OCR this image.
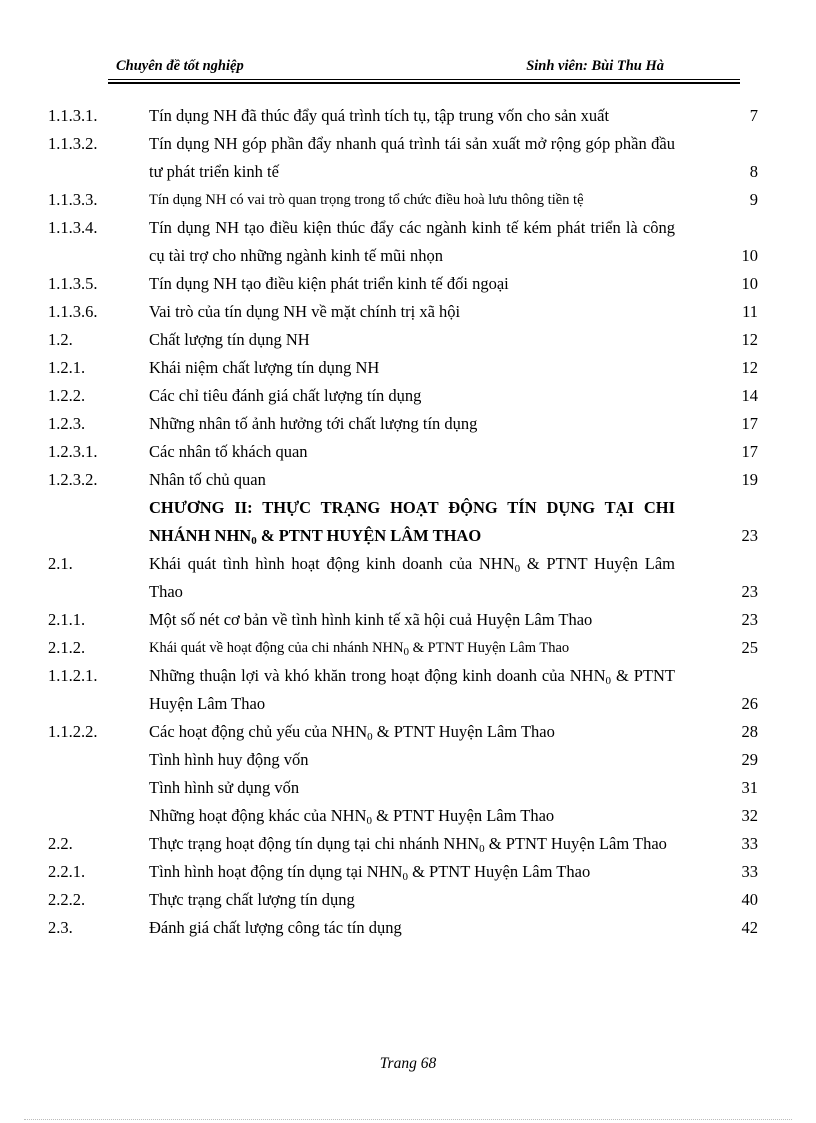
Chuyên đề tốt nghiệp	Sinh viên: Bùi Thu Hà
1.1.3.1.	Tín dụng NH đã thúc đẩy quá trình tích tụ, tập trung vốn cho sản xuất	7
1.1.3.2.	Tín dụng NH góp phần đẩy nhanh quá trình tái sản xuất mở rộng góp phần đầu tư phát triển kinh tế	8
1.1.3.3.	Tín dụng NH có vai trò quan trọng trong tổ chức điều hoà lưu thông tiền tệ	9
1.1.3.4.	Tín dụng NH tạo điều kiện thúc đẩy các ngành kinh tế kém phát triển là công cụ tài trợ cho những ngành kinh tế mũi nhọn	10
1.1.3.5.	Tín dụng NH tạo điều kiện phát triển kinh tế đối ngoại	10
1.1.3.6.	Vai trò của tín dụng NH về mặt chính trị xã hội	11
1.2.	Chất lượng tín dụng NH	12
1.2.1.	Khái niệm chất lượng tín dụng NH	12
1.2.2.	Các chỉ tiêu đánh giá chất lượng tín dụng	14
1.2.3.	Những nhân tố ảnh hưởng tới chất lượng tín dụng	17
1.2.3.1.	Các nhân tố khách quan	17
1.2.3.2.	Nhân tố chủ quan	19
CHƯƠNG II: THỰC TRẠNG HOẠT ĐỘNG TÍN DỤNG TẠI CHI NHÁNH $NHN_0$ & PTNT HUYỆN LÂM THAO	23
2.1.	Khái quát tình hình hoạt động kinh doanh của $NHN_0$ & PTNT Huyện Lâm Thao	23
2.1.1.	Một số nét cơ bản về tình hình kinh tế xã hội cuả Huyện Lâm Thao	23
2.1.2.	Khái quát về hoạt động của chi nhánh $NHN_0$ & PTNT Huyện Lâm Thao	25
1.1.2.1.	Những thuận lợi và khó khăn trong hoạt động kinh doanh của $NHN_0$ & PTNT Huyện Lâm Thao	26
1.1.2.2.	Các hoạt động chủ yếu của $NHN_0$ & PTNT Huyện Lâm Thao	28
Tình hình huy động vốn	29
Tình hình sử dụng vốn	31
Những hoạt động khác của $NHN_0$ & PTNT Huyện Lâm Thao	32
2.2.	Thực trạng hoạt động tín dụng tại chi nhánh $NHN_0$ & PTNT Huyện Lâm Thao	33
2.2.1.	Tình hình hoạt động tín dụng tại $NHN_0$ & PTNT Huyện Lâm Thao	33
2.2.2.	Thực trạng chất lượng tín dụng	40
2.3.	Đánh giá chất lượng công tác tín dụng	42
Trang 68
